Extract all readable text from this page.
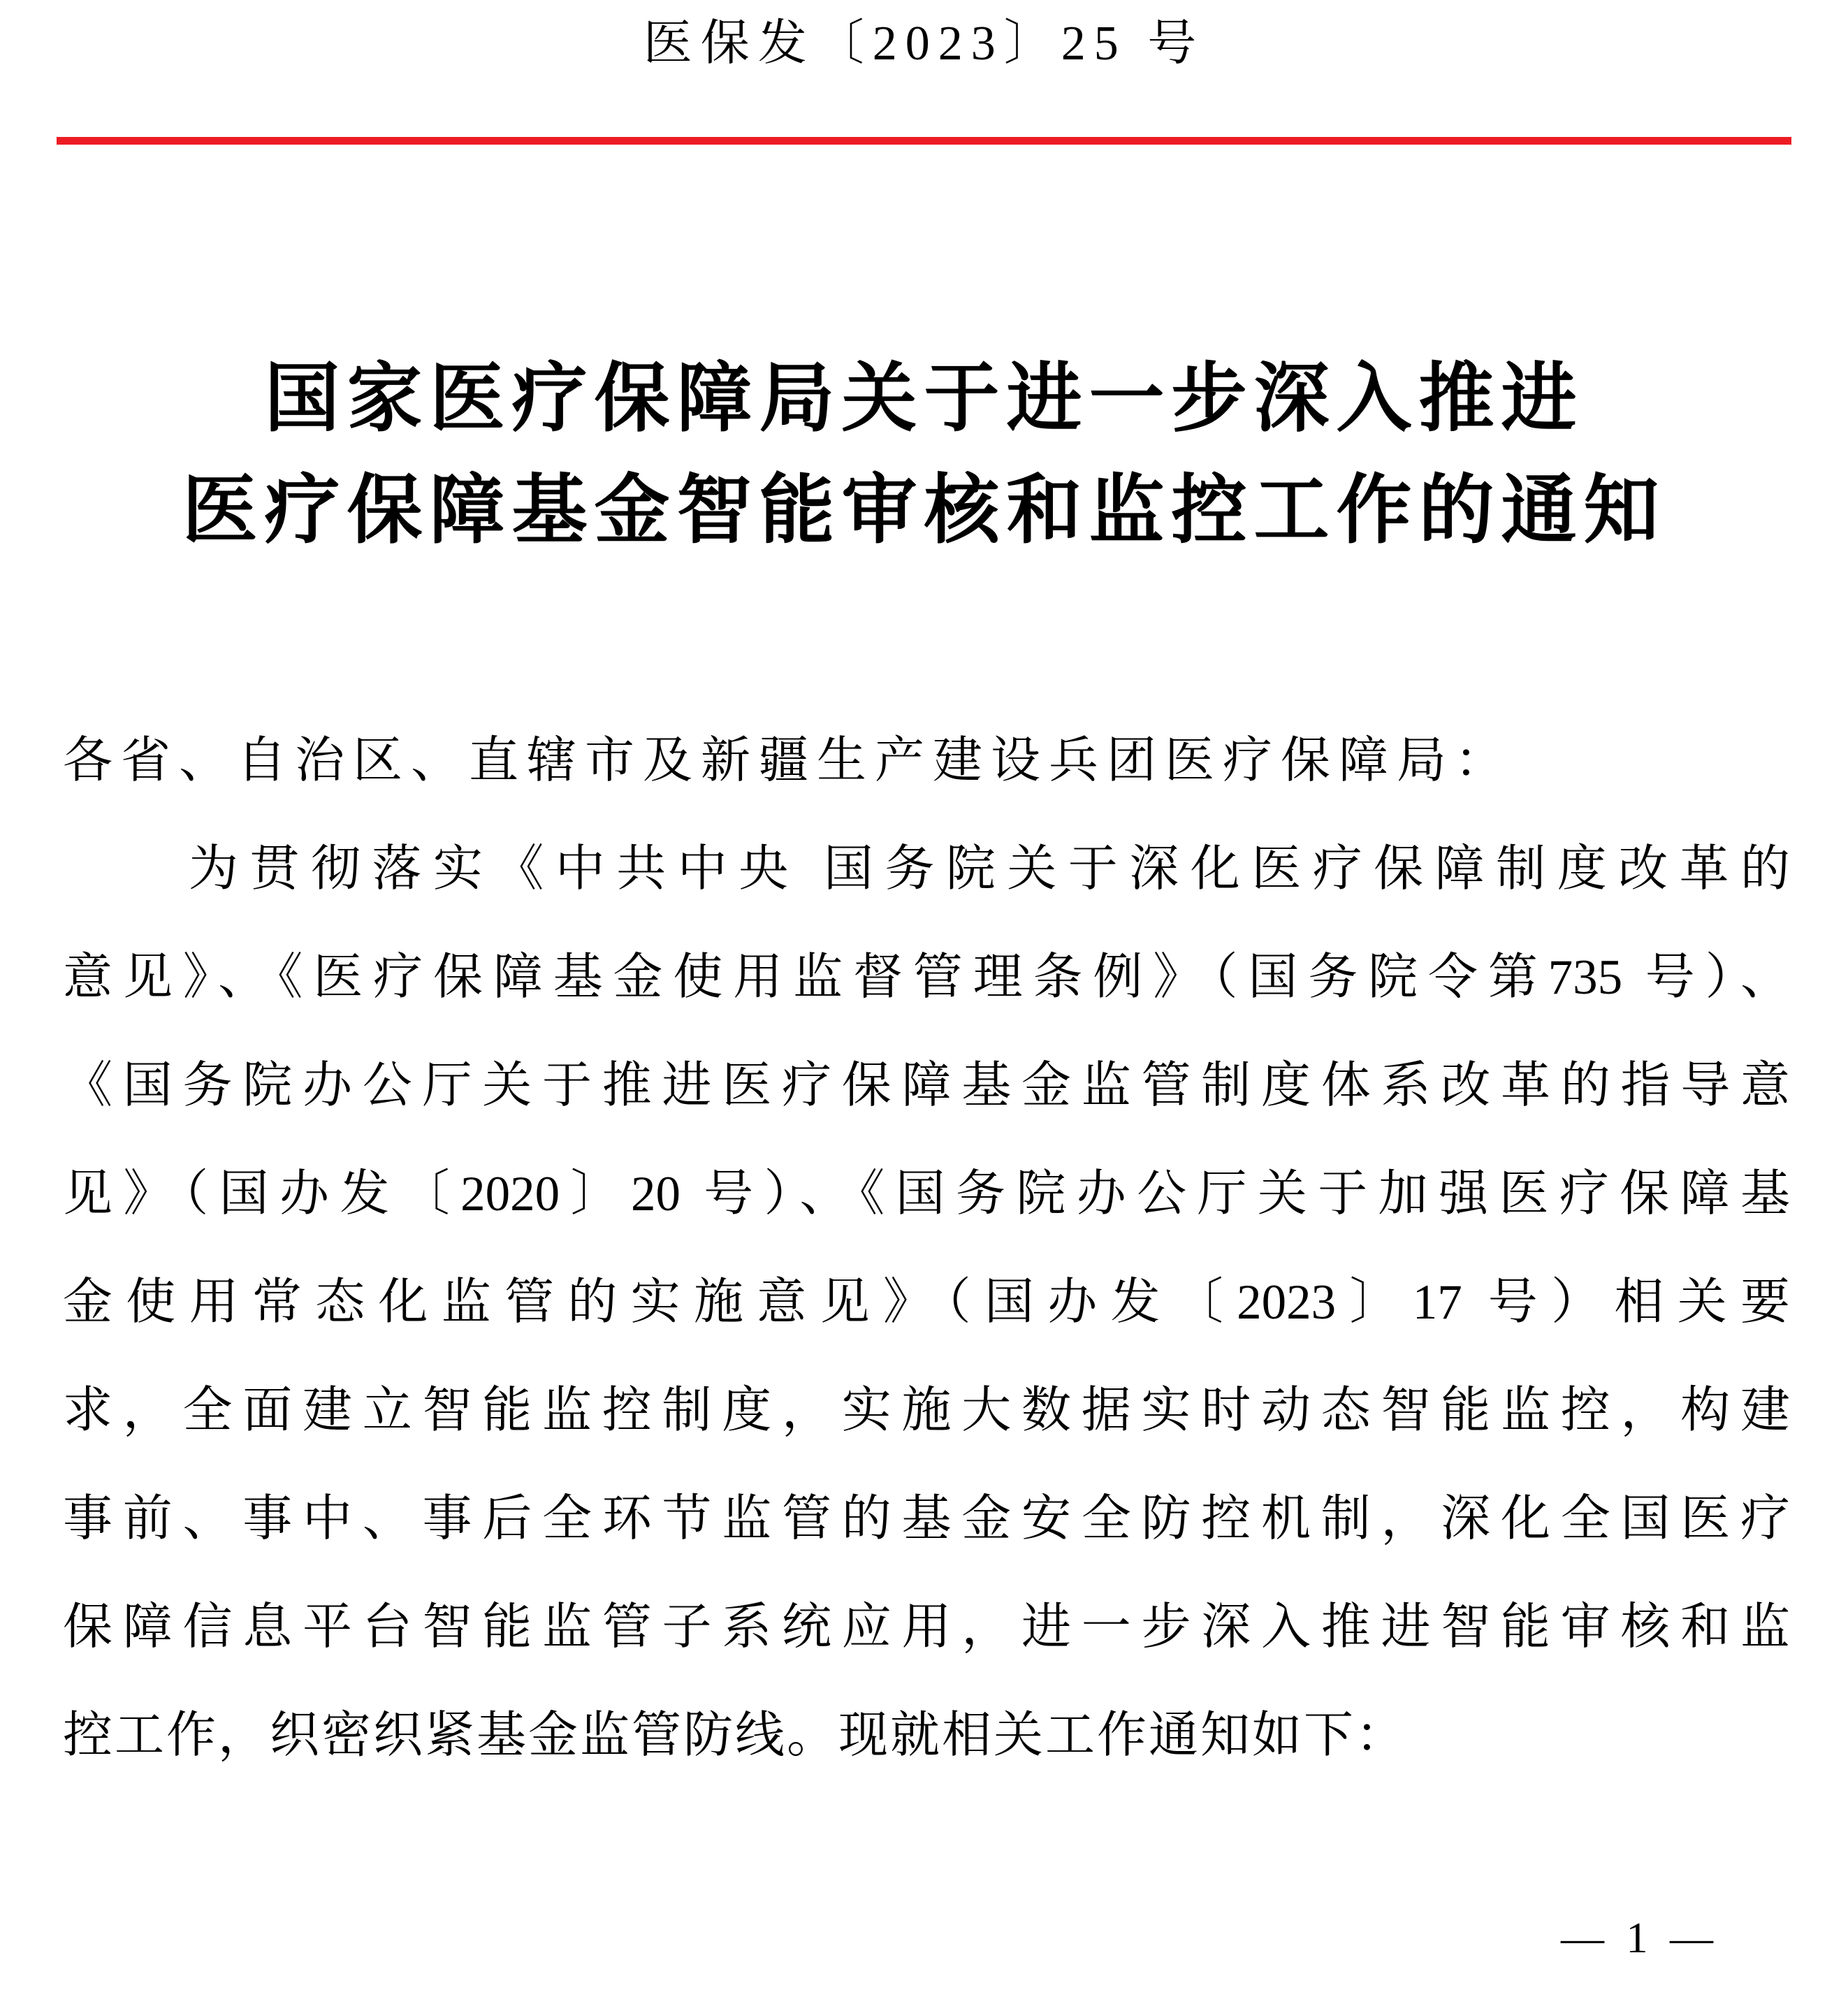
医保发〔2023〕25 号
国家医疗保障局关于进一步深入推进
医疗保障基金智能审核和监控工作的通知
各省、自治区、直辖市及新疆生产建设兵团医疗保障局：
为贯彻落实《中共中央 国务院关于深化医疗保障制度改革的
意见》、《医疗保障基金使用监督管理条例》（国务院令第735 号）、
《国务院办公厅关于推进医疗保障基金监管制度体系改革的指导意
见》（国办发〔2020〕20 号）、《国务院办公厅关于加强医疗保障基
金使用常态化监管的实施意见》（国办发〔2023〕17 号）相关要
求，全面建立智能监控制度，实施大数据实时动态智能监控，构建
事前、事中、事后全环节监管的基金安全防控机制，深化全国医疗
保障信息平台智能监管子系统应用，进一步深入推进智能审核和监
控工作，织密织紧基金监管防线。现就相关工作通知如下：
— 1 —
